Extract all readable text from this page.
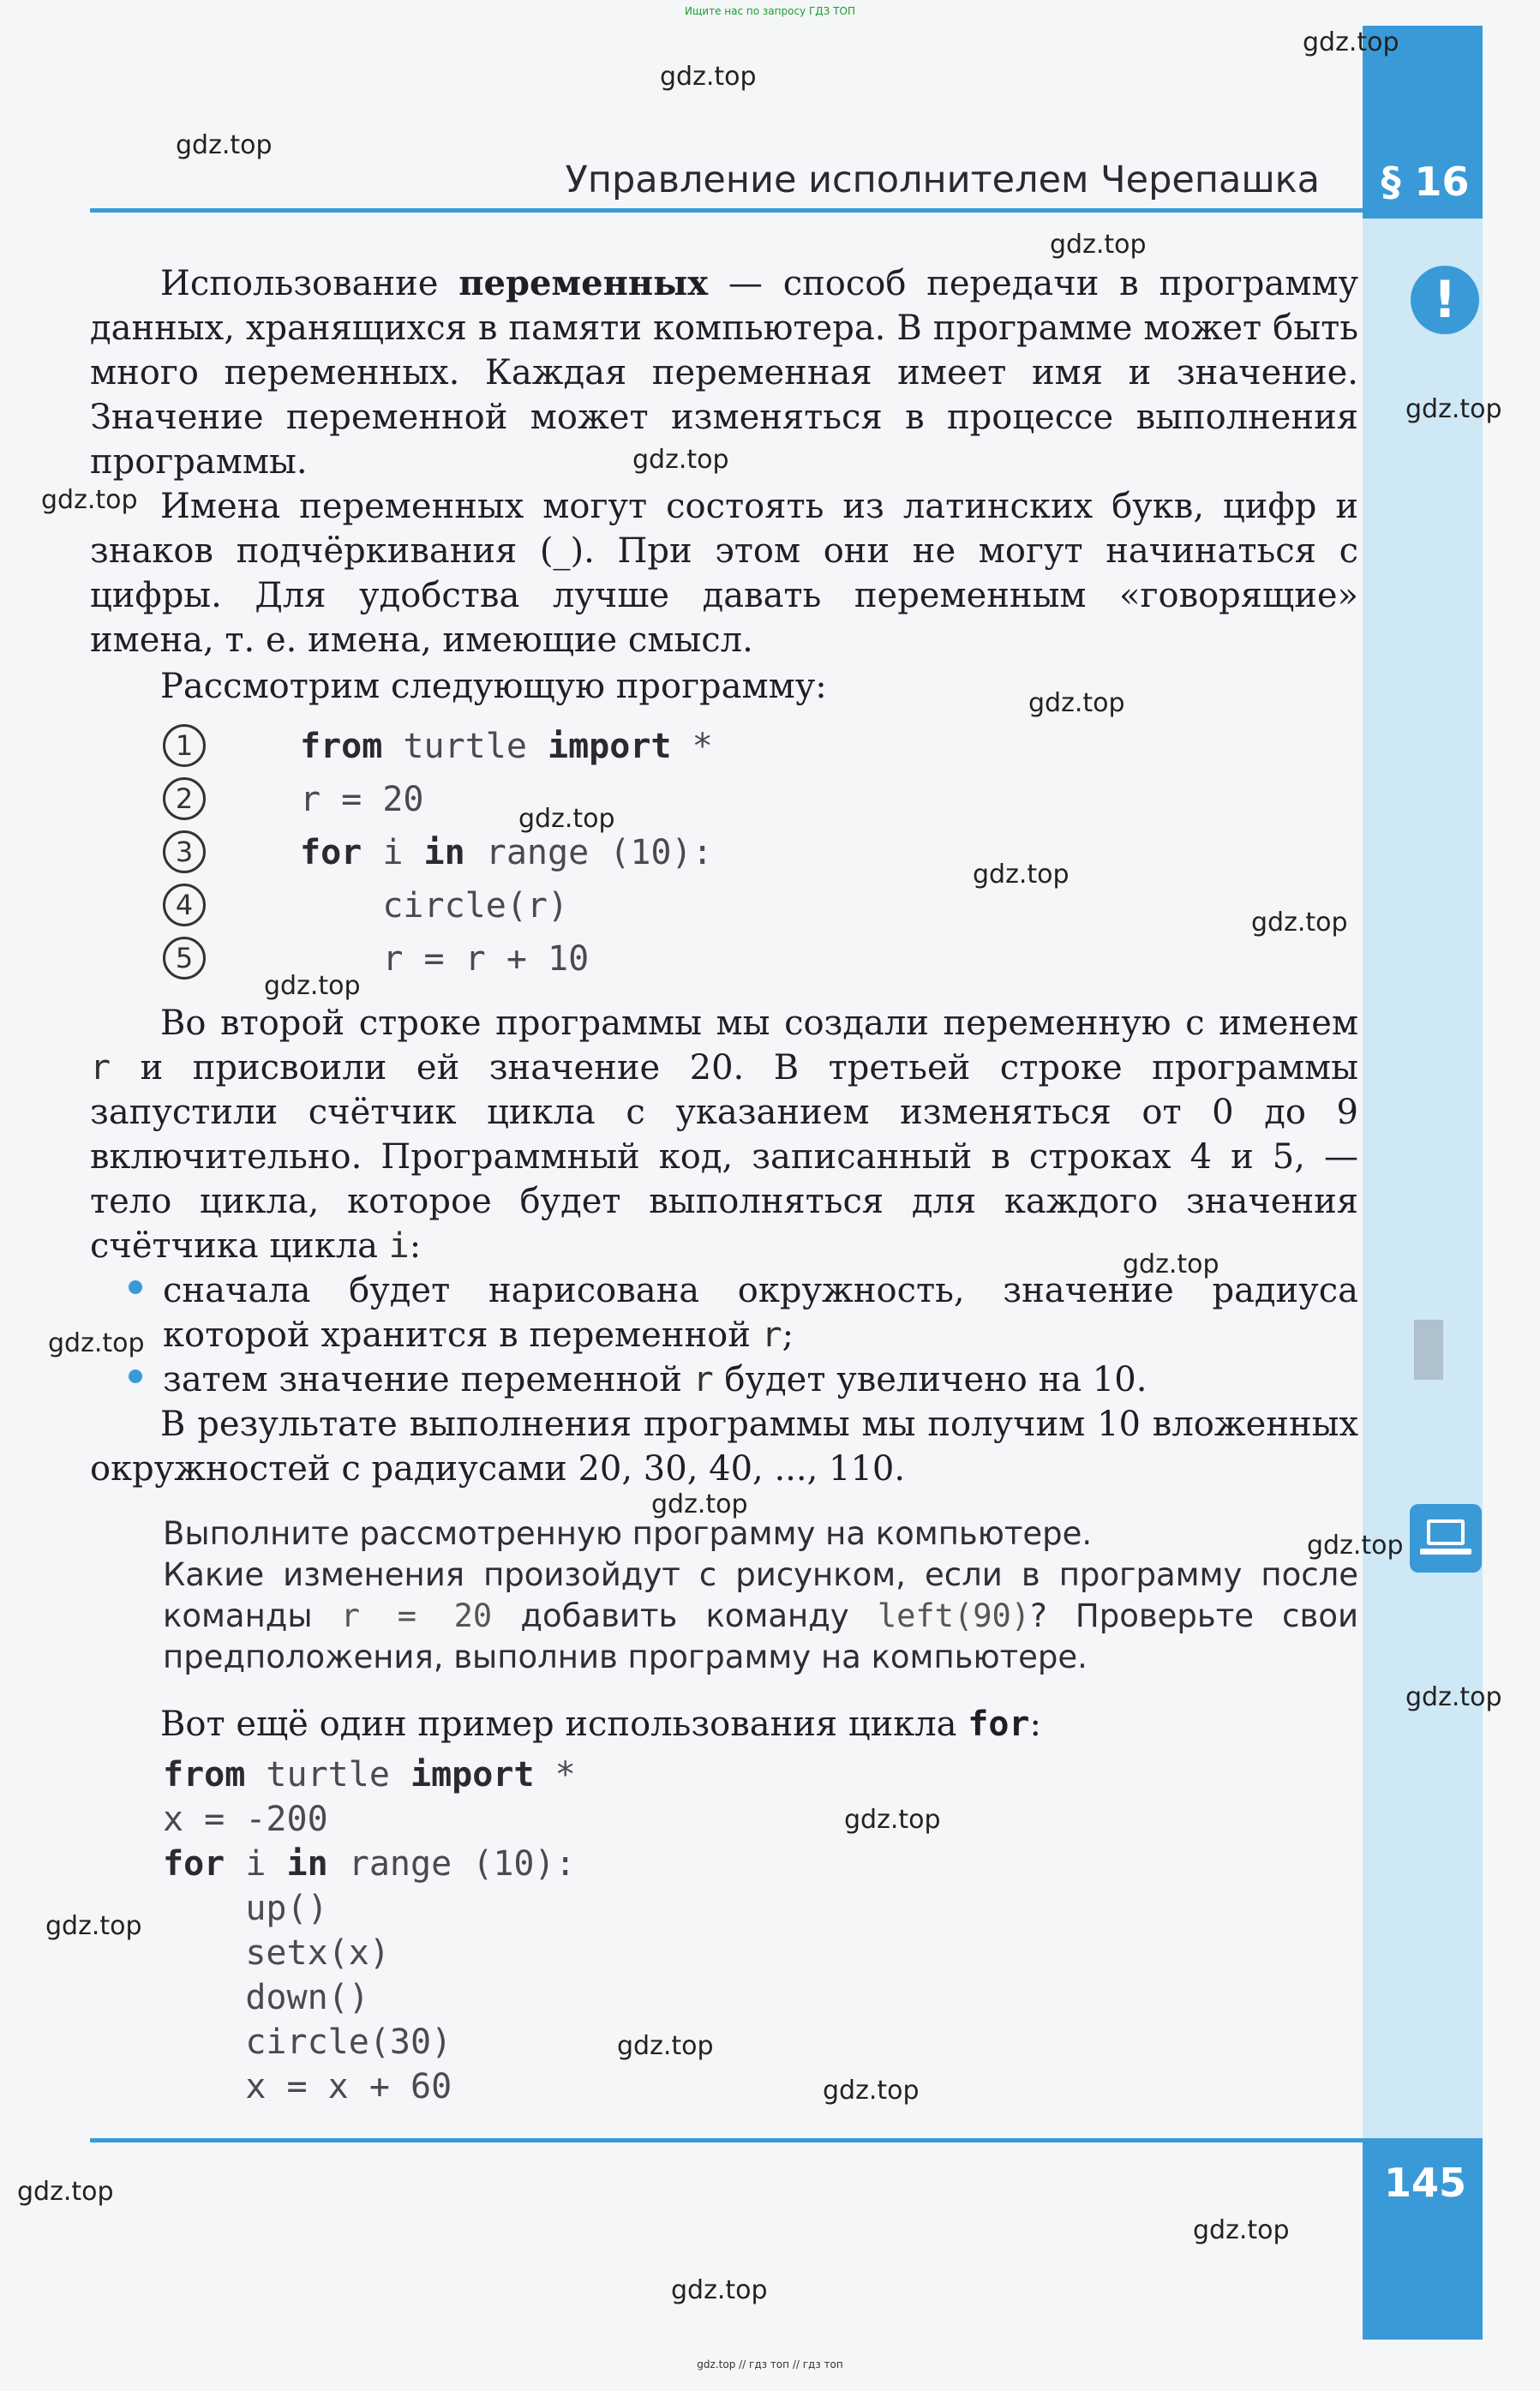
Ищите нас по запросу ГДЗ ТОП
§ 16
Управление исполнителем Черепашка
!

Использование переменных — способ передачи в программу данных, хранящихся в памяти компьютера. В программе может быть много переменных. Каждая переменная имеет имя и значение. Значение переменной может изменяться в процессе выполнения программы.

Имена переменных могут состоять из латинских букв, цифр и знаков подчёркивания (_). При этом они не могут начинаться с цифры. Для удобства лучше давать переменным «говорящие» имена, т. е. имена, имеющие смысл.

Рассмотрим следующую программу:

1
2
3
4
5
from turtle import *
r = 20
for i in range (10):
circle(r)
r = r + 10

Во второй строке программы мы создали переменную с именем r и присвоили ей значение 20. В третьей строке программы запустили счётчик цикла с указанием изменяться от 0 до 9 включительно. Программный код, записанный в строках 4 и 5, — тело цикла, которое будет выполняться для каждого значения счётчика цикла i:

сначала будет нарисована окружность, значение радиуса которой хранится в переменной r;

затем значение переменной r будет увеличено на 10.

В результате выполнения программы мы получим 10 вложенных окружностей с радиусами 20, 30, 40, ..., 110.

Выполните рассмотренную программу на компьютере.

Какие изменения произойдут с рисунком, если в программу после команды r = 20 добавить команду left(90)? Проверьте свои предположения, выполнив программу на компьютере.

Вот ещё один пример использования цикла for:

from turtle import *
x = -200
for i in range (10):
up()
setx(x)
down()
circle(30)
x = x + 60
145
gdz.top
gdz.top
gdz.top
gdz.top
gdz.top
gdz.top
gdz.top
gdz.top
gdz.top
gdz.top
gdz.top
gdz.top
gdz.top
gdz.top
gdz.top
gdz.top
gdz.top
gdz.top
gdz.top
gdz.top
gdz.top
gdz.top
gdz.top
gdz.top
gdz.top // гдз топ // гдз топ
